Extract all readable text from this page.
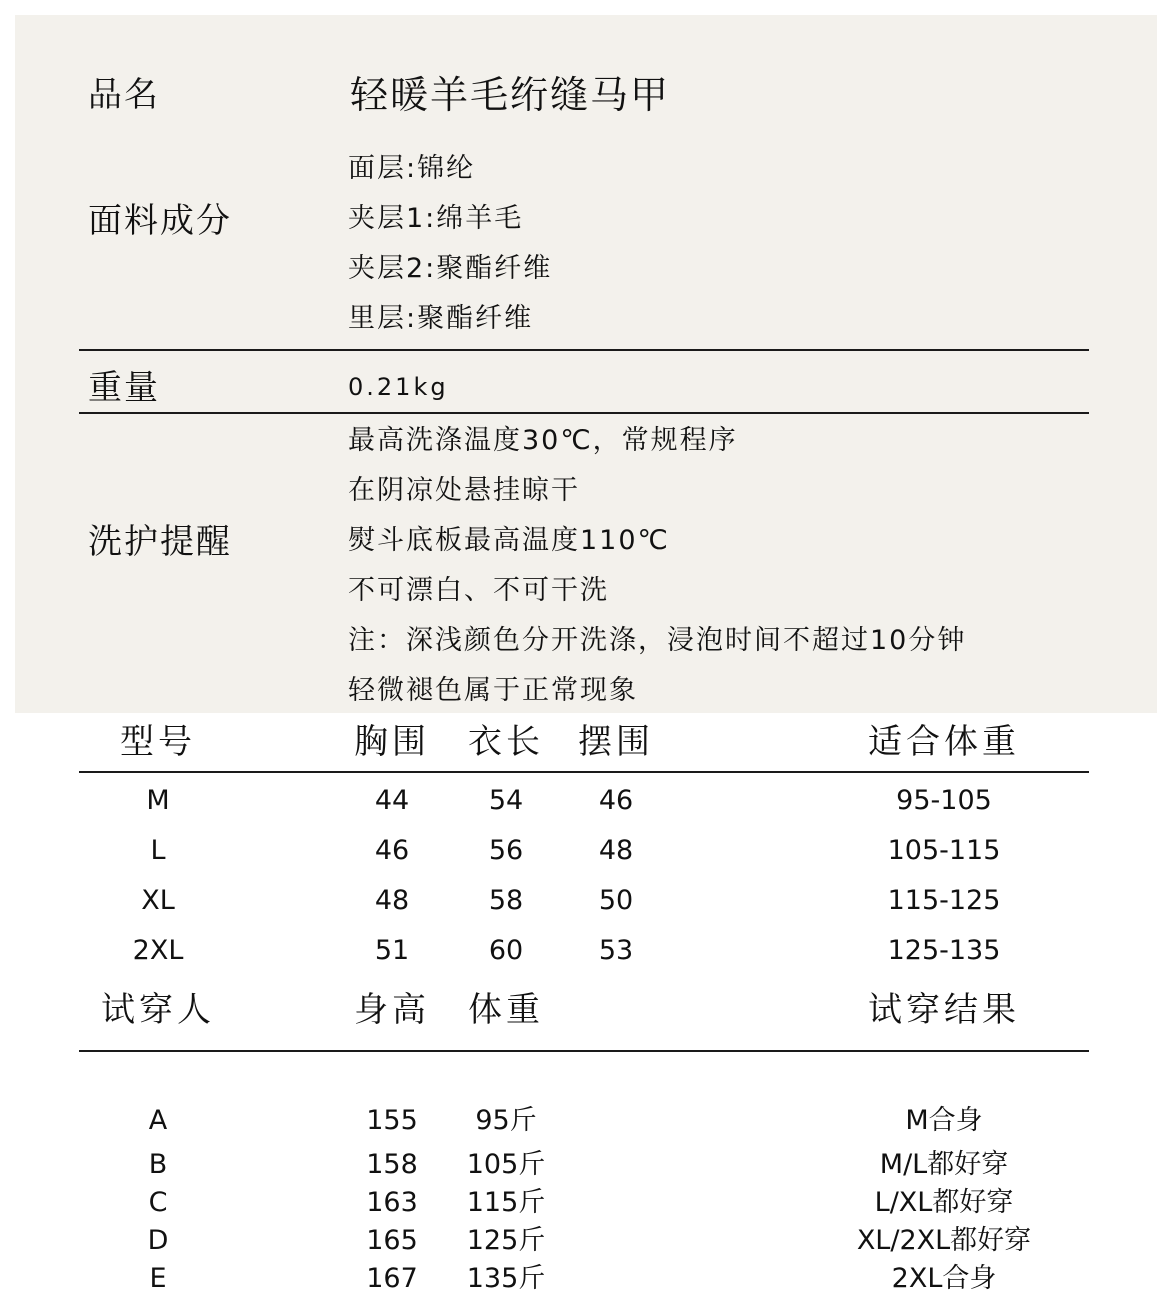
品名	轻暖羊毛绗缝马甲
面料成分
面层:锦纶
夹层1:绵羊毛
夹层2:聚酯纤维
里层:聚酯纤维
重量	0.21kg
洗护提醒
最高洗涤温度30℃，常规程序
在阴凉处悬挂晾干
熨斗底板最高温度110℃
不可漂白、不可干洗
注：深浅颜色分开洗涤，浸泡时间不超过10分钟
轻微褪色属于正常现象
型号	胸围	衣长	摆围	适合体重
M	44	54	46	95-105
L	46	56	48	105-115
XL	48	58	50	115-125
2XL	51	60	53	125-135
试穿人	身高	体重	试穿结果
A	155	95斤	M合身
B	158	105斤	M/L都好穿
C	163	115斤	L/XL都好穿
D	165	125斤	XL/2XL都好穿
E	167	135斤	2XL合身
